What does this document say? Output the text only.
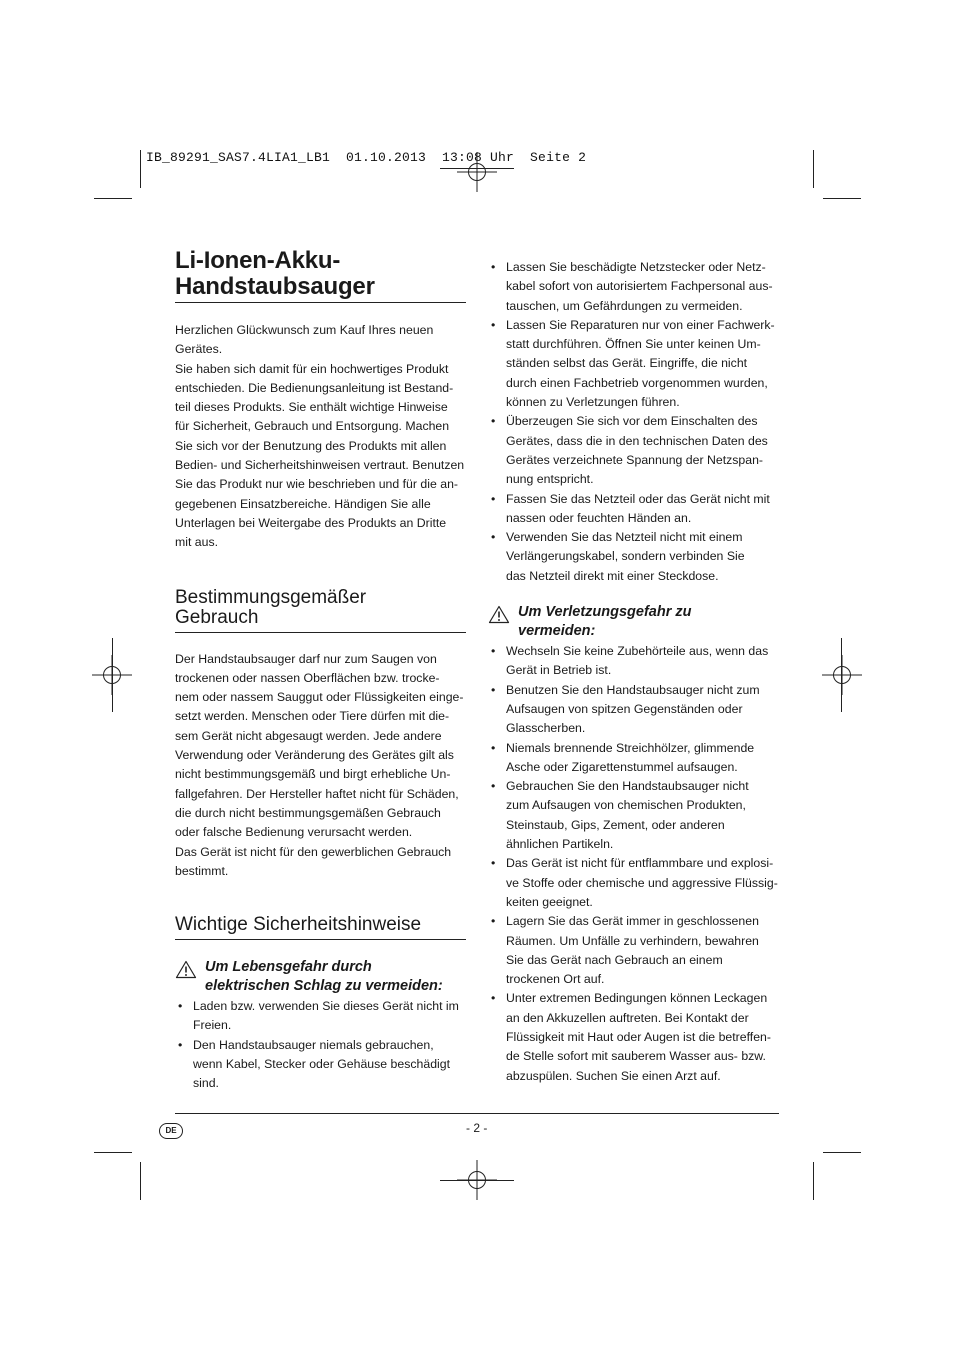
IB_89291_SAS7.4LIA1_LB1  01.10.2013  13:08 Uhr  Seite 2
Li-Ionen-Akku-
Handstaubsauger

Herzlichen Glückwunsch zum Kauf Ihres neuen
Gerätes.
Sie haben sich damit für ein hochwertiges Produkt
entschieden. Die Bedienungsanleitung ist Bestand-
teil dieses Produkts. Sie enthält wichtige Hinweise
für Sicherheit, Gebrauch und Entsorgung. Machen
Sie sich vor der Benutzung des Produkts mit allen
Bedien- und Sicherheitshinweisen vertraut. Benutzen
Sie das Produkt nur wie beschrieben und für die an-
gegebenen Einsatzbereiche. Händigen Sie alle
Unterlagen bei Weitergabe des Produkts an Dritte
mit aus.

Bestimmungsgemäßer
Gebrauch

Der Handstaubsauger darf nur zum Saugen von
trockenen oder nassen Oberflächen bzw. trocke-
nem oder nassem Sauggut oder Flüssigkeiten einge-
setzt werden. Menschen oder Tiere dürfen mit die-
sem Gerät nicht abgesaugt werden. Jede andere
Verwendung oder Veränderung des Gerätes gilt als
nicht bestimmungsgemäß und birgt erhebliche Un-
fallgefahren. Der Hersteller haftet nicht für Schäden,
die durch nicht bestimmungsgemäßen Gebrauch
oder falsche Bedienung verursacht werden.
Das Gerät ist nicht für den gewerblichen Gebrauch
bestimmt.

Wichtige Sicherheitshinweise
Um Lebensgefahr durch
elektrischen Schlag zu vermeiden:
• Laden bzw. verwenden Sie dieses Gerät nicht im
Freien.
• Den Handstaubsauger niemals gebrauchen,
wenn Kabel, Stecker oder Gehäuse beschädigt
sind.
• Lassen Sie beschädigte Netzstecker oder Netz-
kabel sofort von autorisiertem Fachpersonal aus-
tauschen, um Gefährdungen zu vermeiden.
• Lassen Sie Reparaturen nur von einer Fachwerk-
statt durchführen. Öffnen Sie unter keinen Um-
ständen selbst das Gerät. Eingriffe, die nicht
durch einen Fachbetrieb vorgenommen wurden,
können zu Verletzungen führen.
• Überzeugen Sie sich vor dem Einschalten des
Gerätes, dass die in den technischen Daten des
Gerätes verzeichnete Spannung der Netzspan-
nung entspricht.
• Fassen Sie das Netzteil oder das Gerät nicht mit
nassen oder feuchten Händen an.
• Verwenden Sie das Netzteil nicht mit einem
Verlängerungskabel, sondern verbinden Sie
das Netzteil direkt mit einer Steckdose.
Um Verletzungsgefahr zu
vermeiden:
• Wechseln Sie keine Zubehörteile aus, wenn das
Gerät in Betrieb ist.
• Benutzen Sie den Handstaubsauger nicht zum
Aufsaugen von spitzen Gegenständen oder
Glasscherben.
• Niemals brennende Streichhölzer, glimmende
Asche oder Zigarettenstummel aufsaugen.
• Gebrauchen Sie den Handstaubsauger nicht
zum Aufsaugen von chemischen Produkten,
Steinstaub, Gips, Zement, oder anderen
ähnlichen Partikeln.
• Das Gerät ist nicht für entflammbare und explosi-
ve Stoffe oder chemische und aggressive Flüssig-
keiten geeignet.
• Lagern Sie das Gerät immer in geschlossenen
Räumen. Um Unfälle zu verhindern, bewahren
Sie das Gerät nach Gebrauch an einem
trockenen Ort auf.
• Unter extremen Bedingungen können Leckagen
an den Akkuzellen auftreten. Bei Kontakt der
Flüssigkeit mit Haut oder Augen ist die betreffen-
de Stelle sofort mit sauberem Wasser aus- bzw.
abzuspülen. Suchen Sie einen Arzt auf.
DE	- 2 -
